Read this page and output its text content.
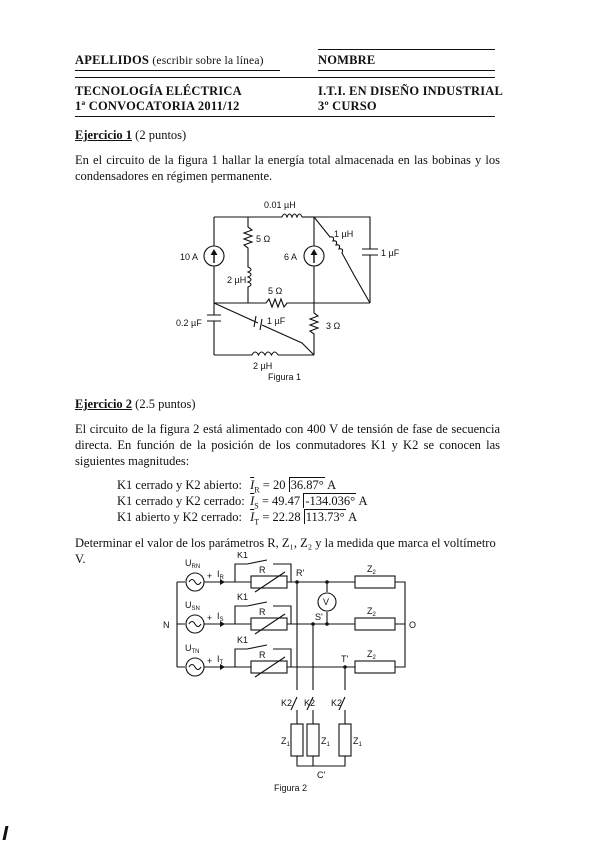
APELLIDOS (escribir sobre la línea)	NOMBRE
TECNOLOGÍA ELÉCTRICA
1ª CONVOCATORIA 2011/12
I.T.I. EN DISEÑO INDUSTRIAL
3º CURSO
Ejercicio 1 (2 puntos)
En el circuito de la figura 1 hallar la energía total almacenada en las bobinas y los condensadores en régimen permanente.
0.01 µH
5 Ω	1 µH
1 µF
10 A	6 A
2 µH
5 Ω
1 µF
0.2 µF	3 Ω
2 µH
Figura 1
Ejercicio 2 (2.5 puntos)
El circuito de la figura 2 está alimentado con 400 V de tensión de fase de secuencia directa. En función de la posición de los conmutadores K1 y K2 se conocen las siguientes magnitudes:
K1 cerrado y K2 abierto: $\overline{I}_R = 20$ 36.87° A
K1 cerrado y K2 cerrado: $\overline{I}_S = 49.47$ -134.036° A
K1 abierto y K2 cerrado: $\overline{I}_T = 22.28$ 113.73° A
Determinar el valor de los parámetros R, Z₁, Z₂ y la medida que marca el voltímetro V.	$U_{RN}$
$U_{SN}$
$U_{TN}$
+
+
+
$I_R$
$I_S$
$I_T$
K1
K1
K1
R
R
R
$Z_2$
$Z_2$
$Z_2$
R'
S'
T'
V
N	O
K2 K2 K2
$Z_1$	$Z_1$	$Z_1$
C'
Figura 2
